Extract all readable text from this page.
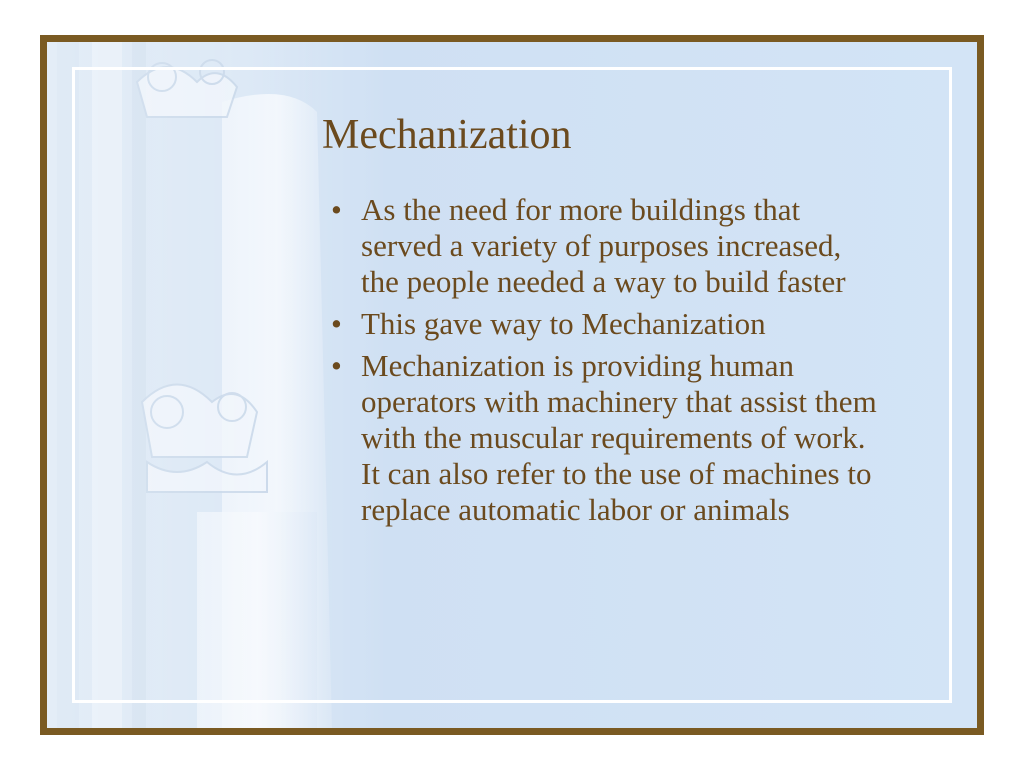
Mechanization
• As the need for more buildings that served a variety of purposes increased, the people needed a way to build faster
• This gave way to Mechanization
• Mechanization is providing human operators with machinery that assist them with the muscular requirements of work. It can also refer to the use of machines to replace automatic labor or animals
